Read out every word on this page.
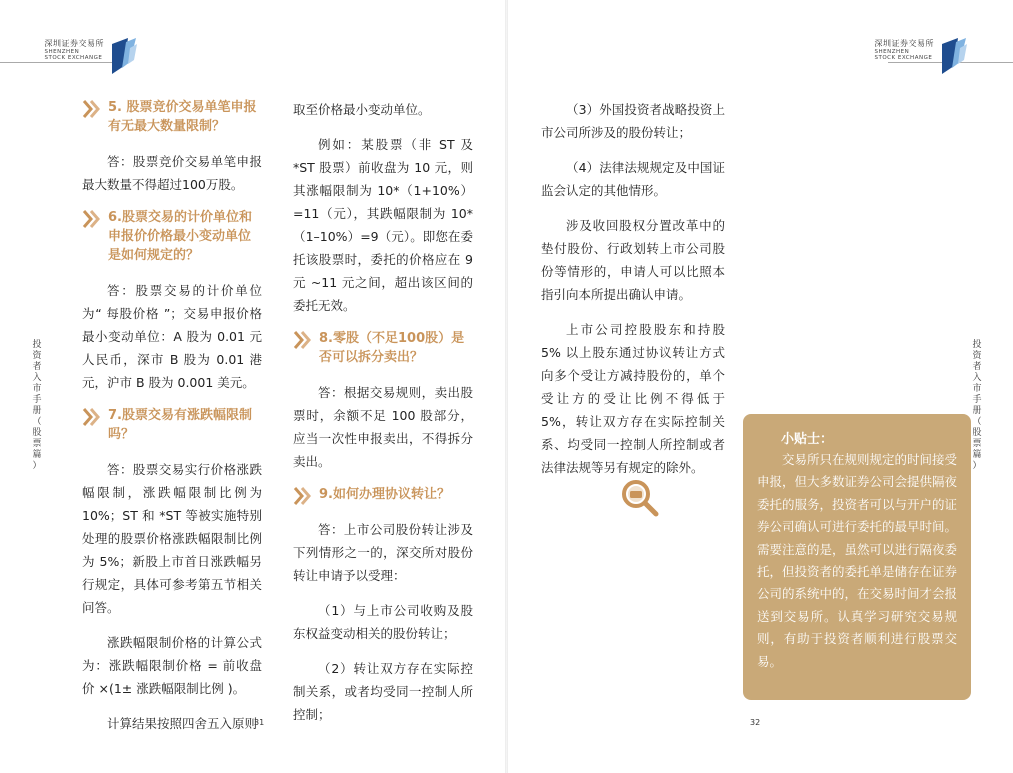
深圳证券交易所
SHENZHEN
STOCK EXCHANGE
投
资
者
入
市
手
册
（
股
票
篇
）
5. 股票竞价交易单笔申报有无最大数量限制？
答：股票竞价交易单笔申报最大数量不得超过100万股。
6.股票交易的计价单位和申报价价格最小变动单位是如何规定的？
答：股票交易的计价单位为“ 每股价格 ”；交易申报价格最小变动单位：A 股为 0.01 元人民币，深市 B 股为 0.01 港元，沪市 B 股为 0.001 美元。
7.股票交易有涨跌幅限制吗？
答：股票交易实行价格涨跌幅限制，涨跌幅限制比例为 10%；ST 和 *ST 等被实施特别处理的股票价格涨跌幅限制比例为 5%；新股上市首日涨跌幅另行规定，具体可参考第五节相关问答。
涨跌幅限制价格的计算公式为：涨跌幅限制价格 = 前收盘价 ×(1± 涨跌幅限制比例 )。
计算结果按照四舍五入原则
取至价格最小变动单位。
例如：某股票（非 ST 及 *ST 股票）前收盘为 10 元，则其涨幅限制为 10*（1+10%）=11（元），其跌幅限制为 10*（1–10%）=9（元）。即您在委托该股票时，委托的价格应在 9 元 ~11 元之间，超出该区间的委托无效。
8.零股（不足100股）是否可以拆分卖出？
答：根据交易规则，卖出股票时，余额不足 100 股部分，应当一次性申报卖出，不得拆分卖出。
9.如何办理协议转让？
答：上市公司股份转让涉及下列情形之一的，深交所对股份转让申请予以受理：
（1）与上市公司收购及股东权益变动相关的股份转让；
（2）转让双方存在实际控制关系，或者均受同一控制人所控制；
31
深圳证券交易所
SHENZHEN
STOCK EXCHANGE
投
资
者
入
市
手
册
（
股
票
篇
）
（3）外国投资者战略投资上市公司所涉及的股份转让；
（4）法律法规规定及中国证监会认定的其他情形。
涉及收回股权分置改革中的垫付股份、行政划转上市公司股份等情形的，申请人可以比照本指引向本所提出确认申请。
上市公司控股股东和持股 5% 以上股东通过协议转让方式向多个受让方减持股份的，单个受让方的受让比例不得低于 5%，转让双方存在实际控制关系、均受同一控制人所控制或者法律法规等另有规定的除外。
小贴士：
交易所只在规则规定的时间接受申报，但大多数证券公司会提供隔夜委托的服务，投资者可以与开户的证券公司确认可进行委托的最早时间。需要注意的是，虽然可以进行隔夜委托，但投资者的委托单是储存在证券公司的系统中的，在交易时间才会报送到交易所。认真学习研究交易规则，有助于投资者顺利进行股票交易。
32
